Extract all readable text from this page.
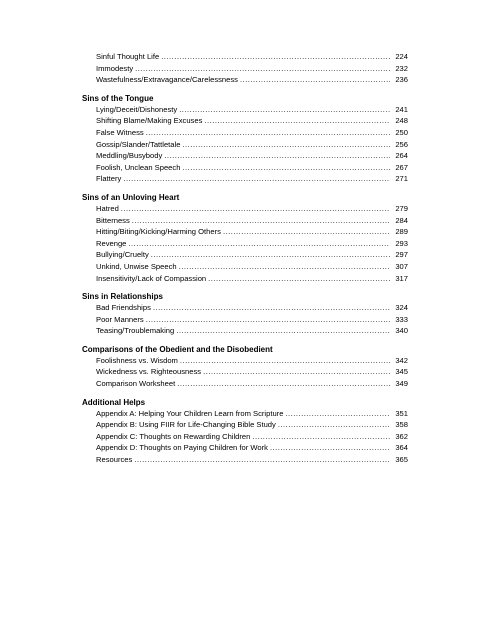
Sinful Thought Life .....	224
Immodesty .....	232
Wastefulness/Extravagance/Carelessness .....	236
Sins of the Tongue
Lying/Deceit/Dishonesty .....	241
Shifting Blame/Making Excuses .....	248
False Witness .....	250
Gossip/Slander/Tattletale .....	256
Meddling/Busybody .....	264
Foolish, Unclean Speech .....	267
Flattery .....	271
Sins of an Unloving Heart
Hatred .....	279
Bitterness .....	284
Hitting/Biting/Kicking/Harming Others .....	289
Revenge .....	293
Bullying/Cruelty .....	297
Unkind, Unwise Speech .....	307
Insensitivity/Lack of Compassion .....	317
Sins in Relationships
Bad Friendships .....	324
Poor Manners .....	333
Teasing/Troublemaking .....	340
Comparisons of the Obedient and the Disobedient
Foolishness vs. Wisdom .....	342
Wickedness vs. Righteousness .....	345
Comparison Worksheet .....	349
Additional Helps
Appendix A: Helping Your Children Learn from Scripture .....	351
Appendix B: Using FIIR for Life-Changing Bible Study .....	358
Appendix C: Thoughts on Rewarding Children .....	362
Appendix D: Thoughts on Paying Children for Work .....	364
Resources .....	365
